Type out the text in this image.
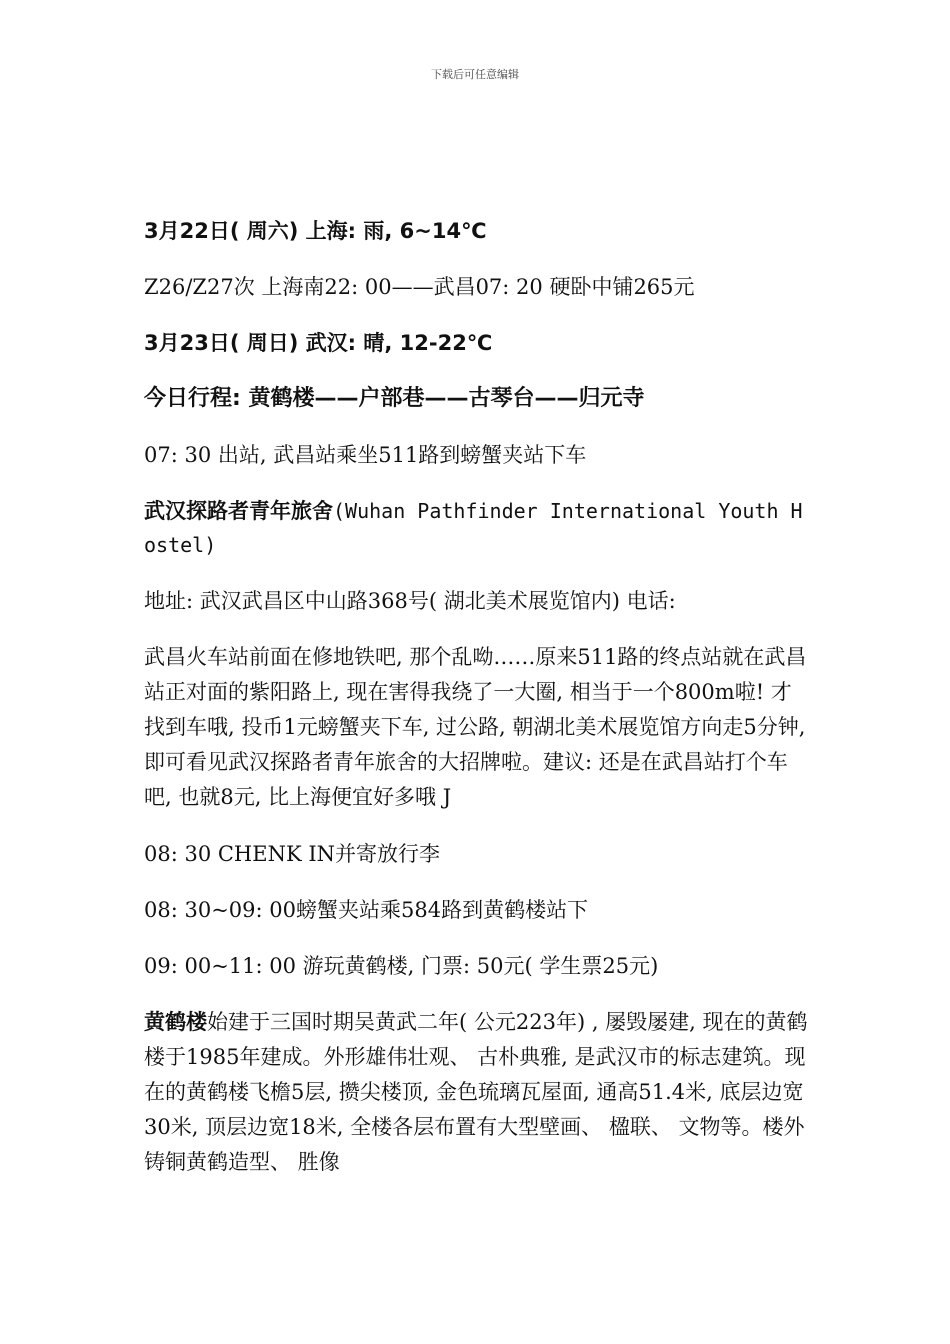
下载后可任意编辑
3月22日( 周六) 上海: 雨, 6~14℃
Z26/Z27次 上海南22: 00——武昌07: 20 硬卧中铺265元
3月23日( 周日) 武汉: 晴, 12-22℃
今日行程: 黄鹤楼——户部巷——古琴台——归元寺
07: 30 出站, 武昌站乘坐511路到螃蟹夹站下车
武汉探路者青年旅舍(Wuhan Pathfinder International Youth Hostel)
地址: 武汉武昌区中山路368号( 湖北美术展览馆内) 电话:
武昌火车站前面在修地铁吧, 那个乱呦……原来511路的终点站就在武昌站正对面的紫阳路上, 现在害得我绕了一大圈, 相当于一个800m啦! 才找到车哦, 投币1元螃蟹夹下车, 过公路, 朝湖北美术展览馆方向走5分钟, 即可看见武汉探路者青年旅舍的大招牌啦。建议: 还是在武昌站打个车吧, 也就8元, 比上海便宜好多哦 J
08: 30 CHENK IN并寄放行李
08: 30~09: 00螃蟹夹站乘584路到黄鹤楼站下
09: 00~11: 00 游玩黄鹤楼, 门票: 50元( 学生票25元)
黄鹤楼始建于三国时期吴黄武二年( 公元223年) , 屡毁屡建, 现在的黄鹤楼于1985年建成。外形雄伟壮观、 古朴典雅, 是武汉市的标志建筑。现在的黄鹤楼飞檐5层, 攒尖楼顶, 金色琉璃瓦屋面, 通高51.4米, 底层边宽30米, 顶层边宽18米, 全楼各层布置有大型壁画、 楹联、 文物等。楼外铸铜黄鹤造型、 胜像
